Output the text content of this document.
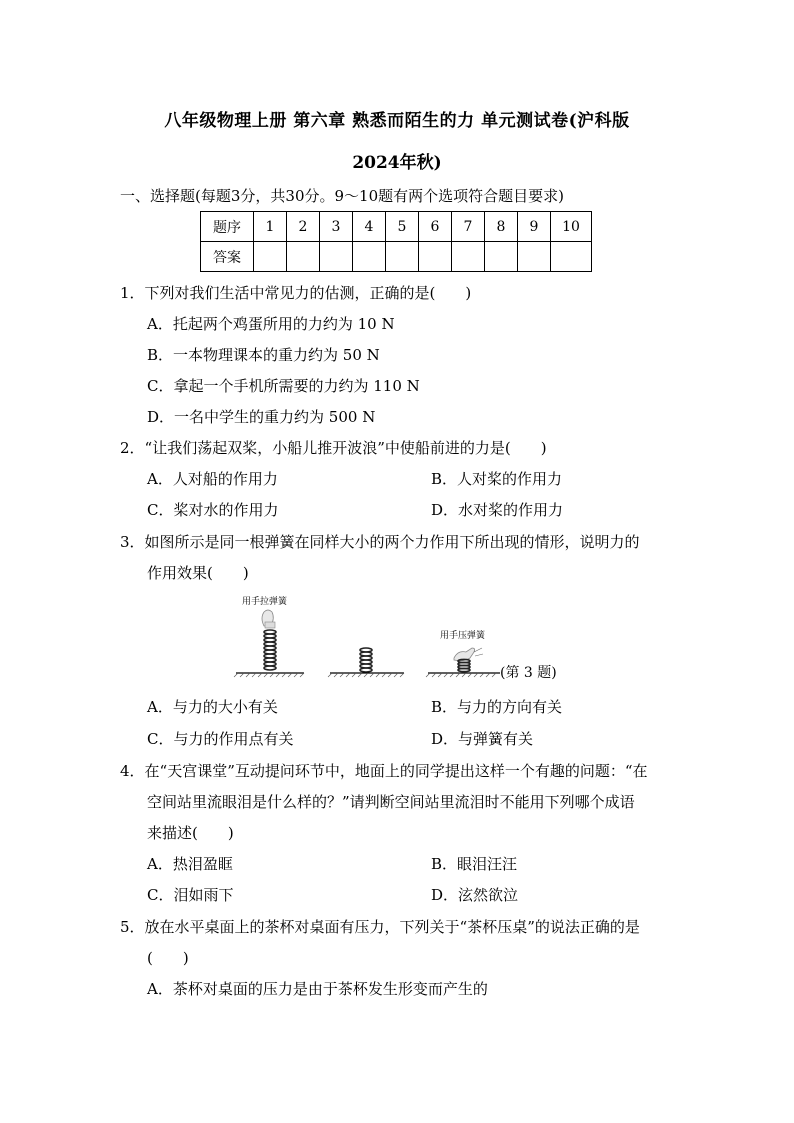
八年级物理上册 第六章 熟悉而陌生的力 单元测试卷(沪科版
2024年秋)
一、选择题(每题3分，共30分。9～10题有两个选项符合题目要求)
题序	1	2	3	4	5	6	7	8	9	10
答案										
1．下列对我们生活中常见力的估测，正确的是(　　)
A．托起两个鸡蛋所用的力约为 10 N
B．一本物理课本的重力约为 50 N
C．拿起一个手机所需要的力约为 110 N
D．一名中学生的重力约为 500 N
2．“让我们荡起双桨，小船儿推开波浪”中使船前进的力是(　　)
A．人对船的作用力	B．人对桨的作用力
C．桨对水的作用力	D．水对桨的作用力
3．如图所示是同一根弹簧在同样大小的两个力作用下所出现的情形，说明力的
作用效果(　　)
用手拉弹簧
用手压弹簧
(第 3 题)
A．与力的大小有关	B．与力的方向有关
C．与力的作用点有关	D．与弹簧有关
4．在“天宫课堂”互动提问环节中，地面上的同学提出这样一个有趣的问题：“在
空间站里流眼泪是什么样的？”请判断空间站里流泪时不能用下列哪个成语
来描述(　　)
A．热泪盈眶	B．眼泪汪汪
C．泪如雨下	D．泫然欲泣
5．放在水平桌面上的茶杯对桌面有压力，下列关于“茶杯压桌”的说法正确的是
(　　)
A．茶杯对桌面的压力是由于茶杯发生形变而产生的
